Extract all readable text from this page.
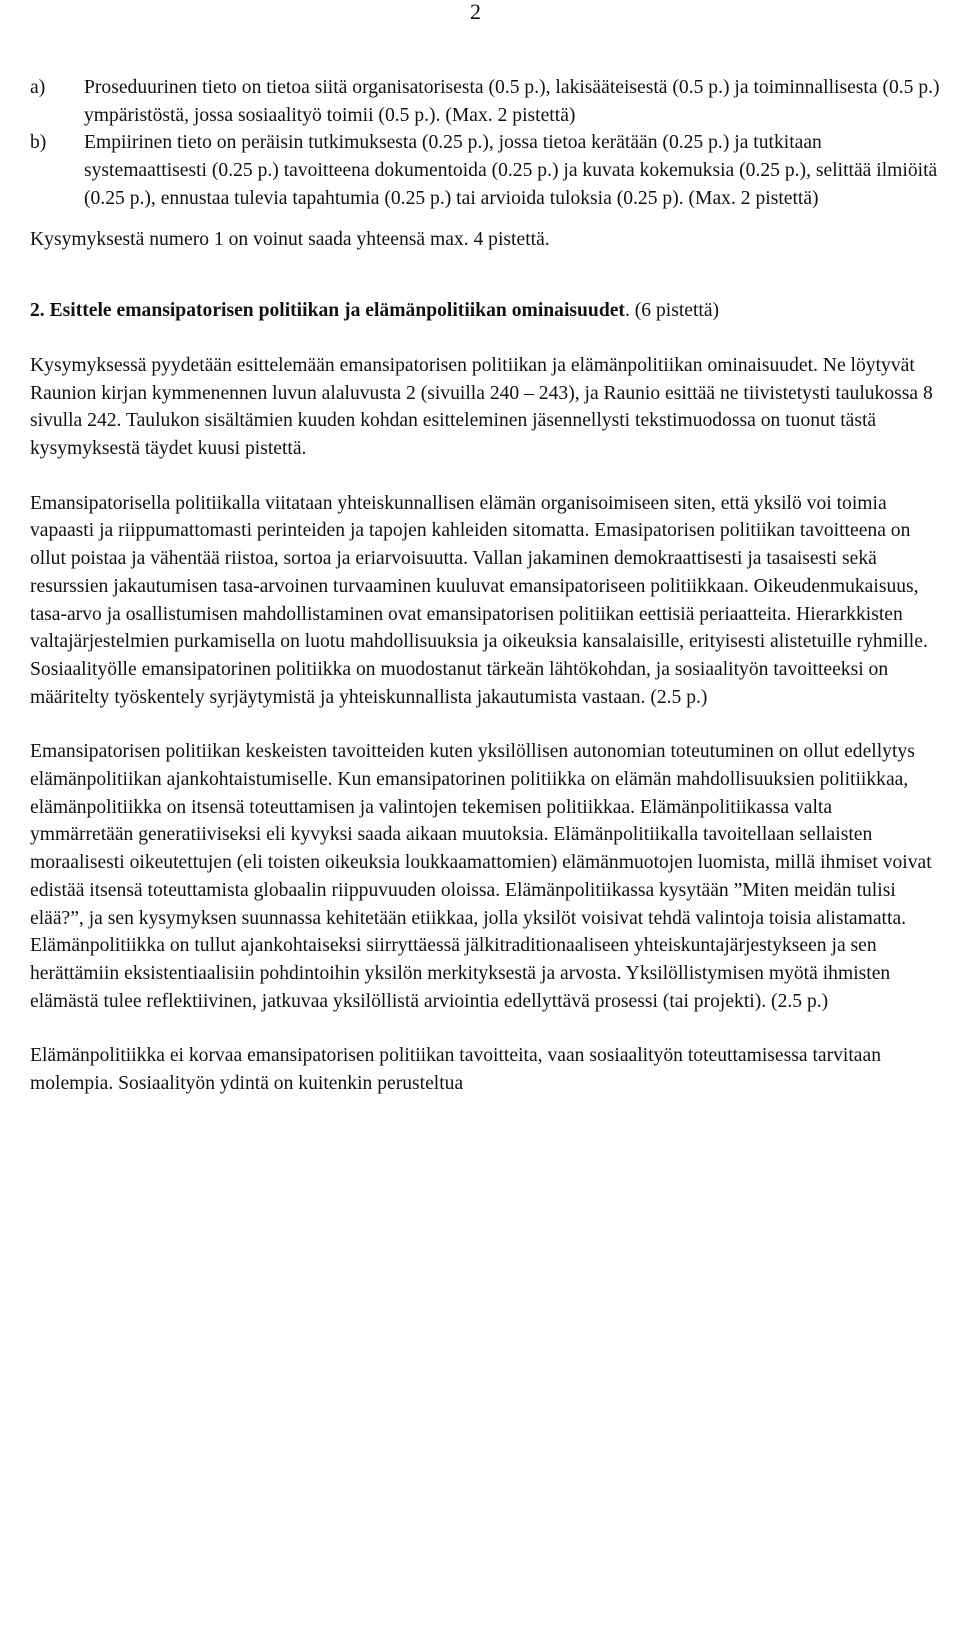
2
a)	Proseduurinen tieto on tietoa siitä organisatorisesta (0.5 p.), lakisääteisestä (0.5 p.) ja toiminnallisesta (0.5 p.) ympäristöstä, jossa sosiaalityö toimii (0.5 p.). (Max. 2 pistettä)
b)	Empiirinen tieto on peräisin tutkimuksesta (0.25 p.), jossa tietoa kerätään (0.25 p.) ja tutkitaan systemaattisesti (0.25 p.) tavoitteena dokumentoida (0.25 p.) ja kuvata kokemuksia (0.25 p.), selittää ilmiöitä (0.25 p.), ennustaa tulevia tapahtumia (0.25 p.) tai arvioida tuloksia (0.25 p). (Max. 2 pistettä)

Kysymyksestä numero 1 on voinut saada yhteensä max. 4 pistettä.

2. Esittele emansipatorisen politiikan ja elämänpolitiikan ominaisuudet. (6 pistettä)

Kysymyksessä pyydetään esittelemään emansipatorisen politiikan ja elämänpolitiikan ominaisuudet. Ne löytyvät Raunion kirjan kymmenennen luvun alaluvusta 2 (sivuilla 240 – 243), ja Raunio esittää ne tiivistetysti taulukossa 8 sivulla 242. Taulukon sisältämien kuuden kohdan esitteleminen jäsennellysti tekstimuodossa on tuonut tästä kysymyksestä täydet kuusi pistettä.

Emansipatorisella politiikalla viitataan yhteiskunnallisen elämän organisoimiseen siten, että yksilö voi toimia vapaasti ja riippumattomasti perinteiden ja tapojen kahleiden sitomatta. Emasipatorisen politiikan tavoitteena on ollut poistaa ja vähentää riistoa, sortoa ja eriarvoisuutta. Vallan jakaminen demokraattisesti ja tasaisesti sekä resurssien jakautumisen tasa-arvoinen turvaaminen kuuluvat emansipatoriseen politiikkaan. Oikeudenmukaisuus, tasa-arvo ja osallistumisen mahdollistaminen ovat emansipatorisen politiikan eettisiä periaatteita. Hierarkkisten valtajärjestelmien purkamisella on luotu mahdollisuuksia ja oikeuksia kansalaisille, erityisesti alistetuille ryhmille. Sosiaalityölle emansipatorinen politiikka on muodostanut tärkeän lähtökohdan, ja sosiaalityön tavoitteeksi on määritelty työskentely syrjäytymistä ja yhteiskunnallista jakautumista vastaan. (2.5 p.)

Emansipatorisen politiikan keskeisten tavoitteiden kuten yksilöllisen autonomian toteutuminen on ollut edellytys elämänpolitiikan ajankohtaistumiselle. Kun emansipatorinen politiikka on elämän mahdollisuuksien politiikkaa, elämänpolitiikka on itsensä toteuttamisen ja valintojen tekemisen politiikkaa. Elämänpolitiikassa valta ymmärretään generatiiviseksi eli kyvyksi saada aikaan muutoksia. Elämänpolitiikalla tavoitellaan sellaisten moraalisesti oikeutettujen (eli toisten oikeuksia loukkaamattomien) elämänmuotojen luomista, millä ihmiset voivat edistää itsensä toteuttamista globaalin riippuvuuden oloissa. Elämänpolitiikassa kysytään ”Miten meidän tulisi elää?”, ja sen kysymyksen suunnassa kehitetään etiikkaa, jolla yksilöt voisivat tehdä valintoja toisia alistamatta. Elämänpolitiikka on tullut ajankohtaiseksi siirryttäessä jälkitraditionaaliseen yhteiskuntajärjestykseen ja sen herättämiin eksistentiaalisiin pohdintoihin yksilön merkityksestä ja arvosta. Yksilöllistymisen myötä ihmisten elämästä tulee reflektiivinen, jatkuvaa yksilöllistä arviointia edellyttävä prosessi (tai projekti). (2.5 p.)

Elämänpolitiikka ei korvaa emansipatorisen politiikan tavoitteita, vaan sosiaalityön toteuttamisessa tarvitaan molempia. Sosiaalityön ydintä on kuitenkin perusteltua
